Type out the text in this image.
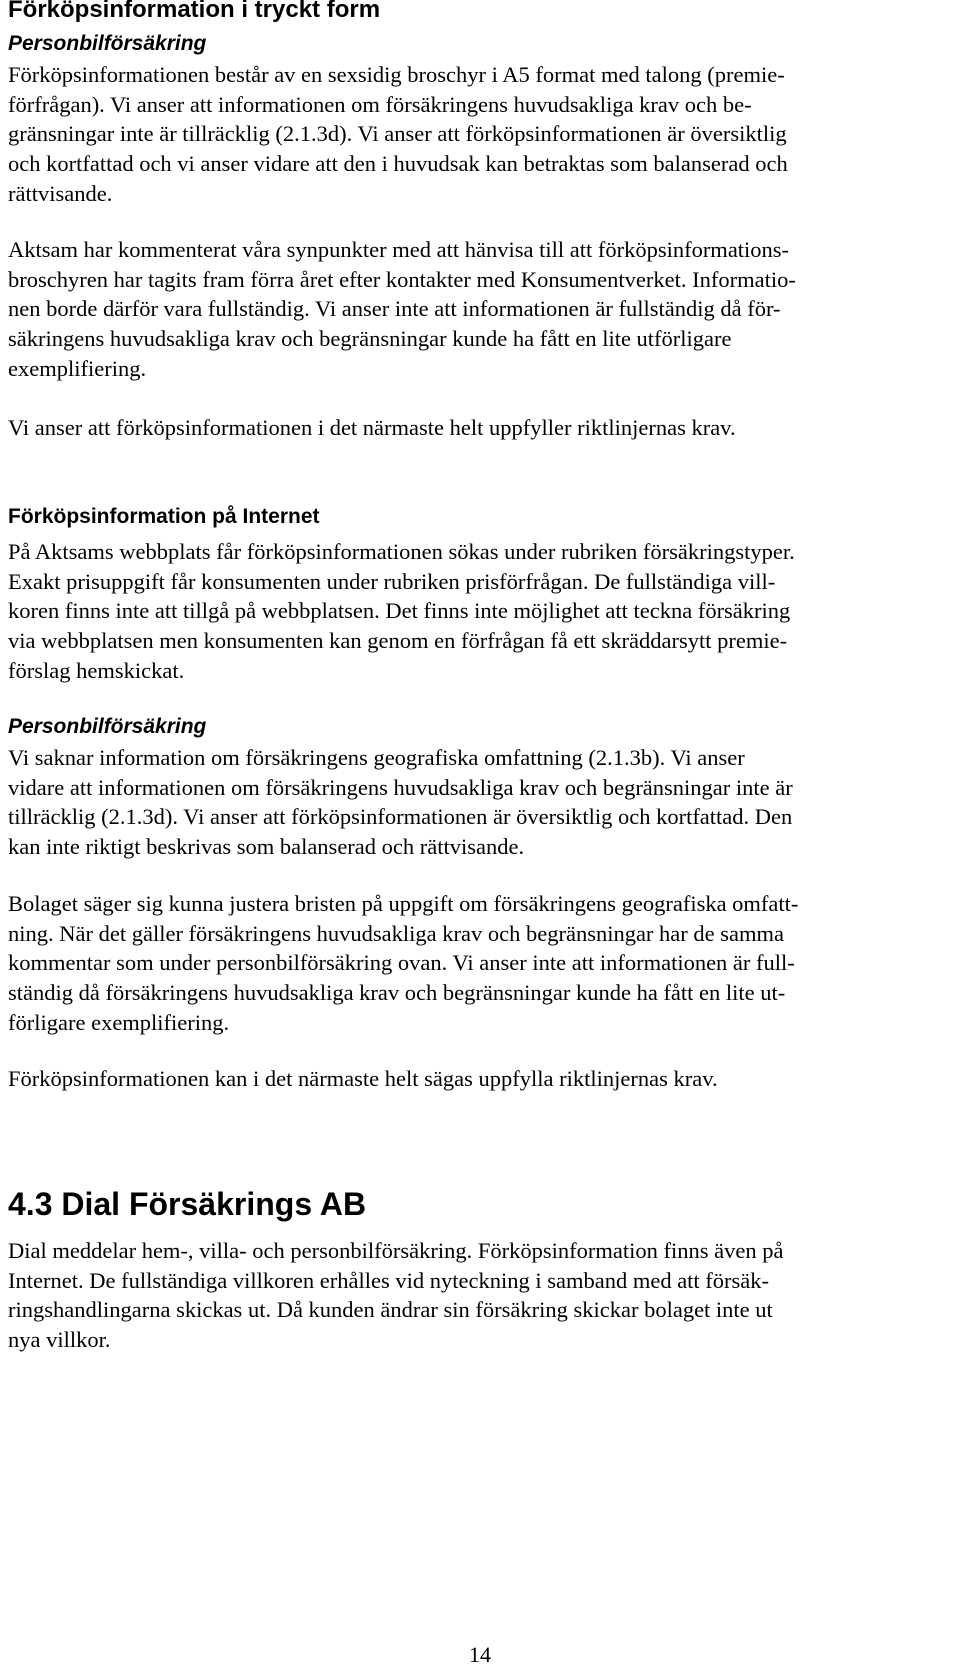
Förköpsinformation i tryckt form
Personbilförsäkring
Förköpsinformationen består av en sexsidig broschyr i A5 format med talong (premie-
förfrågan). Vi anser att informationen om försäkringens huvudsakliga krav och be-
gränsningar inte är tillräcklig (2.1.3d). Vi anser att förköpsinformationen är översiktlig
och kortfattad och vi anser vidare att den i huvudsak kan betraktas som balanserad och
rättvisande.
Aktsam har kommenterat våra synpunkter med att hänvisa till att förköpsinformations-
broschyren har tagits fram förra året efter kontakter med Konsumentverket. Informatio-
nen borde därför vara fullständig. Vi anser inte att informationen är fullständig då för-
säkringens huvudsakliga krav och begränsningar kunde ha fått en lite utförligare
exemplifiering.
Vi anser att förköpsinformationen i det närmaste helt uppfyller riktlinjernas krav.
Förköpsinformation på Internet
På Aktsams webbplats får förköpsinformationen sökas under rubriken försäkringstyper.
Exakt prisuppgift får konsumenten under rubriken prisförfrågan. De fullständiga vill-
koren finns inte att tillgå på webbplatsen. Det finns inte möjlighet att teckna försäkring
via webbplatsen men konsumenten kan genom en förfrågan få ett skräddarsytt premie-
förslag hemskickat.
Personbilförsäkring
Vi saknar information om försäkringens geografiska omfattning (2.1.3b). Vi anser
vidare att informationen om försäkringens huvudsakliga krav och begränsningar inte är
tillräcklig (2.1.3d). Vi anser att förköpsinformationen är översiktlig och kortfattad. Den
kan inte riktigt beskrivas som balanserad och rättvisande.
Bolaget säger sig kunna justera bristen på uppgift om försäkringens geografiska omfatt-
ning. När det gäller försäkringens huvudsakliga krav och begränsningar har de samma
kommentar som under personbilförsäkring ovan. Vi anser inte att informationen är full-
ständig då försäkringens huvudsakliga krav och begränsningar kunde ha fått en lite ut-
förligare exemplifiering.
Förköpsinformationen kan i det närmaste helt sägas uppfylla riktlinjernas krav.
4.3 Dial Försäkrings AB
Dial meddelar hem-, villa- och personbilförsäkring. Förköpsinformation finns även på
Internet. De fullständiga villkoren erhålles vid nyteckning i samband med att försäk-
ringshandlingarna skickas ut. Då kunden ändrar sin försäkring skickar bolaget inte ut
nya villkor.
14
